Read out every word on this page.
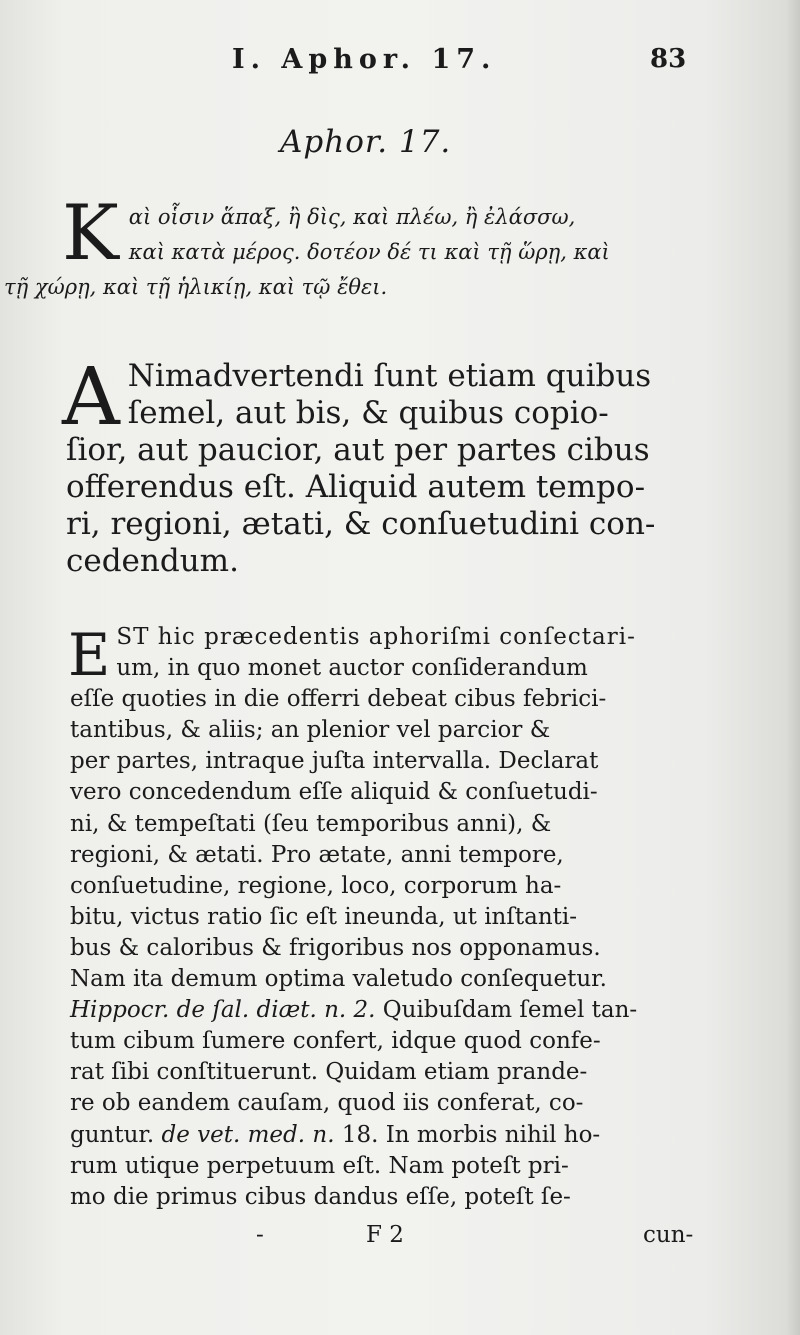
I. Aphor. 17.	83
Aphor. 17.
K αὶ οἷσιν ἅπαξ, ἢ δὶς, καὶ πλέω, ἢ ἐλάσσω,
καὶ κατὰ μέρος. δοτέον δέ τι καὶ τῇ ὥρῃ, καὶ
τῇ χώρῃ, καὶ τῇ ἡλικίῃ, καὶ τῷ ἔθει.
A Nimadvertendi ſunt etiam quibus
ſemel, aut bis, & quibus copio-
ſior, aut paucior, aut per partes cibus
offerendus eſt. Aliquid autem tempo-
ri, regioni, ætati, & conſuetudini con-
cedendum.
E ST hic præcedentis aphoriſmi conſectari-
um, in quo monet auctor conſiderandum
eſſe quoties in die offerri debeat cibus febrici-
tantibus, & aliis; an plenior vel parcior &
per partes, intraque juſta intervalla. Declarat
vero concedendum eſſe aliquid & conſuetudi-
ni, & tempeſtati (ſeu temporibus anni), &
regioni, & ætati. Pro ætate, anni tempore,
conſuetudine, regione, loco, corporum ha-
bitu, victus ratio ſic eſt ineunda, ut inſtanti-
bus & caloribus & frigoribus nos opponamus.
Nam ita demum optima valetudo conſequetur.
Hippocr. de ſal. diæt. n. 2. Quibuſdam ſemel tan-
tum cibum ſumere confert, idque quod confe-
rat ſibi conſtituerunt. Quidam etiam prande-
re ob eandem cauſam, quod iis conferat, co-
guntur. de vet. med. n. 18. In morbis nihil ho-
rum utique perpetuum eſt. Nam poteſt pri-
mo die primus cibus dandus eſſe, poteſt ſe-
-	F 2	cun-
